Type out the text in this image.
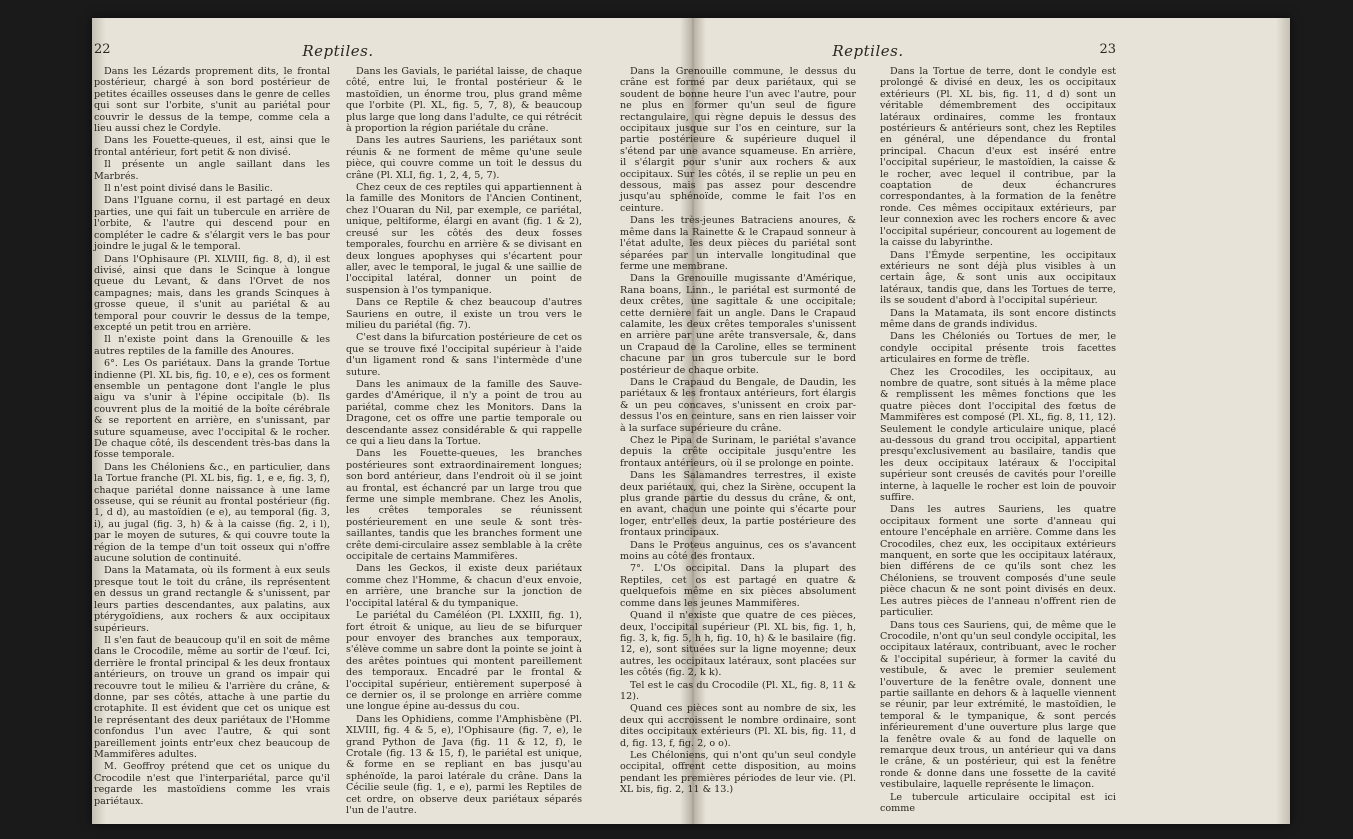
22	Reptiles.

Dans les Lézards proprement dits, le frontal postérieur, chargé à son bord postérieur de petites écailles osseuses dans le genre de celles qui sont sur l'orbite, s'unit au pariétal pour couvrir le dessus de la tempe, comme cela a lieu aussi chez le Cordyle.

Dans les Fouette-queues, il est, ainsi que le frontal antérieur, fort petit & non divisé.

Il présente un angle saillant dans les Marbrés.

Il n'est point divisé dans le Basilic.

Dans l'Iguane cornu, il est partagé en deux parties, une qui fait un tubercule en arrière de l'orbite, & l'autre qui descend pour en compléter le cadre & s'élargit vers le bas pour joindre le jugal & le temporal.

Dans l'Ophisaure (Pl. XLVIII, fig. 8, d), il est divisé, ainsi que dans le Scinque à longue queue du Levant, & dans l'Orvet de nos campagnes; mais, dans les grands Scinques à grosse queue, il s'unit au pariétal & au temporal pour couvrir le dessus de la tempe, excepté un petit trou en arrière.

Il n'existe point dans la Grenouille & les autres reptiles de la famille des Anoures.

6°. Les Os pariétaux. Dans la grande Tortue indienne (Pl. XL bis, fig. 10, e e), ces os forment ensemble un pentagone dont l'angle le plus aigu va s'unir à l'épine occipitale (b). Ils couvrent plus de la moitié de la boîte cérébrale & se reportent en arrière, en s'unissant, par suture squameuse, avec l'occipital & le rocher. De chaque côté, ils descendent très-bas dans la fosse temporale.

Dans les Chéloniens &c., en particulier, dans la Tortue franche (Pl. XL bis, fig. 1, e e, fig. 3, f), chaque pariétal donne naissance à une lame osseuse, qui se réunit au frontal postérieur (fig. 1, d d), au mastoïdien (e e), au temporal (fig. 3, i), au jugal (fig. 3, h) & à la caisse (fig. 2, i l), par le moyen de sutures, & qui couvre toute la région de la tempe d'un toit osseux qui n'offre aucune solution de continuité.

Dans la Matamata, où ils forment à eux seuls presque tout le toit du crâne, ils représentent en dessus un grand rectangle & s'unissent, par leurs parties descendantes, aux palatins, aux ptérygoïdiens, aux rochers & aux occipitaux supérieurs.

Il s'en faut de beaucoup qu'il en soit de même dans le Crocodile, même au sortir de l'œuf. Ici, derrière le frontal principal & les deux frontaux antérieurs, on trouve un grand os impair qui recouvre tout le milieu & l'arrière du crâne, & donne, par ses côtés, attache à une partie du crotaphite. Il est évident que cet os unique est le représentant des deux pariétaux de l'Homme confondus l'un avec l'autre, & qui sont pareillement joints entr'eux chez beaucoup de Mammifères adultes.

M. Geoffroy prétend que cet os unique du Crocodile n'est que l'interpariétal, parce qu'il regarde les mastoïdiens comme les vrais pariétaux.

Dans les Gavials, le pariétal laisse, de chaque côté, entre lui, le frontal postérieur & le mastoïdien, un énorme trou, plus grand même que l'orbite (Pl. XL, fig. 5, 7, 8), & beaucoup plus large que long dans l'adulte, ce qui rétrécit à proportion la région pariétale du crâne.

Dans les autres Sauriens, les pariétaux sont réunis & ne forment de même qu'une seule pièce, qui couvre comme un toit le dessus du crâne (Pl. XLI, fig. 1, 2, 4, 5, 7).

Chez ceux de ces reptiles qui appartiennent à la famille des Monitors de l'Ancien Continent, chez l'Ouaran du Nil, par exemple, ce pariétal, unique, peltiforme, élargi en avant (fig. 1 & 2), creusé sur les côtés des deux fosses temporales, fourchu en arrière & se divisant en deux longues apophyses qui s'écartent pour aller, avec le temporal, le jugal & une saillie de l'occipital latéral, donner un point de suspension à l'os tympanique.

Dans ce Reptile & chez beaucoup d'autres Sauriens en outre, il existe un trou vers le milieu du pariétal (fig. 7).

C'est dans la bifurcation postérieure de cet os que se trouve fixé l'occipital supérieur à l'aide d'un ligament rond & sans l'intermède d'une suture.

Dans les animaux de la famille des Sauve-gardes d'Amérique, il n'y a point de trou au pariétal, comme chez les Monitors. Dans la Dragone, cet os offre une partie temporale ou descendante assez considérable & qui rappelle ce qui a lieu dans la Tortue.

Dans les Fouette-queues, les branches postérieures sont extraordinairement longues; son bord antérieur, dans l'endroit où il se joint au frontal, est échancré par un large trou que ferme une simple membrane. Chez les Anolis, les crêtes temporales se réunissent postérieurement en une seule & sont très-saillantes, tandis que les branches forment une crête demi-circulaire assez semblable à la crête occipitale de certains Mammifères.

Dans les Geckos, il existe deux pariétaux comme chez l'Homme, & chacun d'eux envoie, en arrière, une branche sur la jonction de l'occipital latéral & du tympanique.

Le pariétal du Caméléon (Pl. LXXIII, fig. 1), fort étroit & unique, au lieu de se bifurquer pour envoyer des branches aux temporaux, s'élève comme un sabre dont la pointe se joint à des arêtes pointues qui montent pareillement des temporaux. Encadré par le frontal & l'occipital supérieur, entièrement superposé à ce dernier os, il se prolonge en arrière comme une longue épine au-dessus du cou.

Dans les Ophidiens, comme l'Amphisbène (Pl. XLVIII, fig. 4 & 5, e), l'Ophisaure (fig. 7, e), le grand Python de Java (fig. 11 & 12, f), le Crotale (fig. 13 & 15, f), le pariétal est unique, & forme en se repliant en bas jusqu'au sphénoïde, la paroi latérale du crâne. Dans la Cécilie seule (fig. 1, e e), parmi les Reptiles de cet ordre, on observe deux pariétaux séparés l'un de l'autre.

Reptiles.	23

Dans la Grenouille commune, le dessus du crâne est formé par deux pariétaux, qui se soudent de bonne heure l'un avec l'autre, pour ne plus en former qu'un seul de figure rectangulaire, qui règne depuis le dessus des occipitaux jusque sur l'os en ceinture, sur la partie postérieure & supérieure duquel il s'étend par une avance squameuse. En arrière, il s'élargit pour s'unir aux rochers & aux occipitaux. Sur les côtés, il se replie un peu en dessous, mais pas assez pour descendre jusqu'au sphénoïde, comme le fait l'os en ceinture.

Dans les très-jeunes Batraciens anoures, & même dans la Rainette & le Crapaud sonneur à l'état adulte, les deux pièces du pariétal sont séparées par un intervalle longitudinal que ferme une membrane.

Dans la Grenouille mugissante d'Amérique, Rana boans, Linn., le pariétal est surmonté de deux crêtes, une sagittale & une occipitale; cette dernière fait un angle. Dans le Crapaud calamite, les deux crêtes temporales s'unissent en arrière par une arête transversale, &, dans un Crapaud de la Caroline, elles se terminent chacune par un gros tubercule sur le bord postérieur de chaque orbite.

Dans le Crapaud du Bengale, de Daudin, les pariétaux & les frontaux antérieurs, fort élargis & un peu concaves, s'unissent en croix par-dessus l'os en ceinture, sans en rien laisser voir à la surface supérieure du crâne.

Chez le Pipa de Surinam, le pariétal s'avance depuis la crête occipitale jusqu'entre les frontaux antérieurs, où il se prolonge en pointe.

Dans les Salamandres terrestres, il existe deux pariétaux, qui, chez la Sirène, occupent la plus grande partie du dessus du crâne, & ont, en avant, chacun une pointe qui s'écarte pour loger, entr'elles deux, la partie postérieure des frontaux principaux.

Dans le Proteus anguinus, ces os s'avancent moins au côté des frontaux.

7°. L'Os occipital. Dans la plupart des Reptiles, cet os est partagé en quatre & quelquefois même en six pièces absolument comme dans les jeunes Mammifères.

Quand il n'existe que quatre de ces pièces, deux, l'occipital supérieur (Pl. XL bis, fig. 1, h, fig. 3, k, fig. 5, h h, fig. 10, h) & le basilaire (fig. 12, e), sont situées sur la ligne moyenne; deux autres, les occipitaux latéraux, sont placées sur les côtés (fig. 2, k k).

Tel est le cas du Crocodile (Pl. XL, fig. 8, 11 & 12).

Quand ces pièces sont au nombre de six, les deux qui accroissent le nombre ordinaire, sont dites occipitaux extérieurs (Pl. XL bis, fig. 11, d d, fig. 13, f, fig. 2, o o).

Les Chéloniens, qui n'ont qu'un seul condyle occipital, offrent cette disposition, au moins pendant les premières périodes de leur vie. (Pl. XL bis, fig. 2, 11 & 13.)

Dans la Tortue de terre, dont le condyle est prolongé & divisé en deux, les os occipitaux extérieurs (Pl. XL bis, fig. 11, d d) sont un véritable démembrement des occipitaux latéraux ordinaires, comme les frontaux postérieurs & antérieurs sont, chez les Reptiles en général, une dépendance du frontal principal. Chacun d'eux est inséré entre l'occipital supérieur, le mastoïdien, la caisse & le rocher, avec lequel il contribue, par la coaptation de deux échancrures correspondantes, à la formation de la fenêtre ronde. Ces mêmes occipitaux extérieurs, par leur connexion avec les rochers encore & avec l'occipital supérieur, concourent au logement de la caisse du labyrinthe.

Dans l'Émyde serpentine, les occipitaux extérieurs ne sont déjà plus visibles à un certain âge, & sont unis aux occipitaux latéraux, tandis que, dans les Tortues de terre, ils se soudent d'abord à l'occipital supérieur.

Dans la Matamata, ils sont encore distincts même dans de grands individus.

Dans les Chéloniés ou Tortues de mer, le condyle occipital présente trois facettes articulaires en forme de trèfle.

Chez les Crocodiles, les occipitaux, au nombre de quatre, sont situés à la même place & remplissent les mêmes fonctions que les quatre pièces dont l'occipital des fœtus de Mammifères est composé (Pl. XL, fig. 8, 11, 12). Seulement le condyle articulaire unique, placé au-dessous du grand trou occipital, appartient presqu'exclusivement au basilaire, tandis que les deux occipitaux latéraux & l'occipital supérieur sont creusés de cavités pour l'oreille interne, à laquelle le rocher est loin de pouvoir suffire.

Dans les autres Sauriens, les quatre occipitaux forment une sorte d'anneau qui entoure l'encéphale en arrière. Comme dans les Crocodiles, chez eux, les occipitaux extérieurs manquent, en sorte que les occipitaux latéraux, bien différens de ce qu'ils sont chez les Chéloniens, se trouvent composés d'une seule pièce chacun & ne sont point divisés en deux. Les autres pièces de l'anneau n'offrent rien de particulier.

Dans tous ces Sauriens, qui, de même que le Crocodile, n'ont qu'un seul condyle occipital, les occipitaux latéraux, contribuant, avec le rocher & l'occipital supérieur, à former la cavité du vestibule, & avec le premier seulement l'ouverture de la fenêtre ovale, donnent une partie saillante en dehors & à laquelle viennent se réunir, par leur extrémité, le mastoïdien, le temporal & le tympanique, & sont percés inférieurement d'une ouverture plus large que la fenêtre ovale & au fond de laquelle on remarque deux trous, un antérieur qui va dans le crâne, & un postérieur, qui est la fenêtre ronde & donne dans une fossette de la cavité vestibulaire, laquelle représente le limaçon.

Le tubercule articulaire occipital est ici comme
